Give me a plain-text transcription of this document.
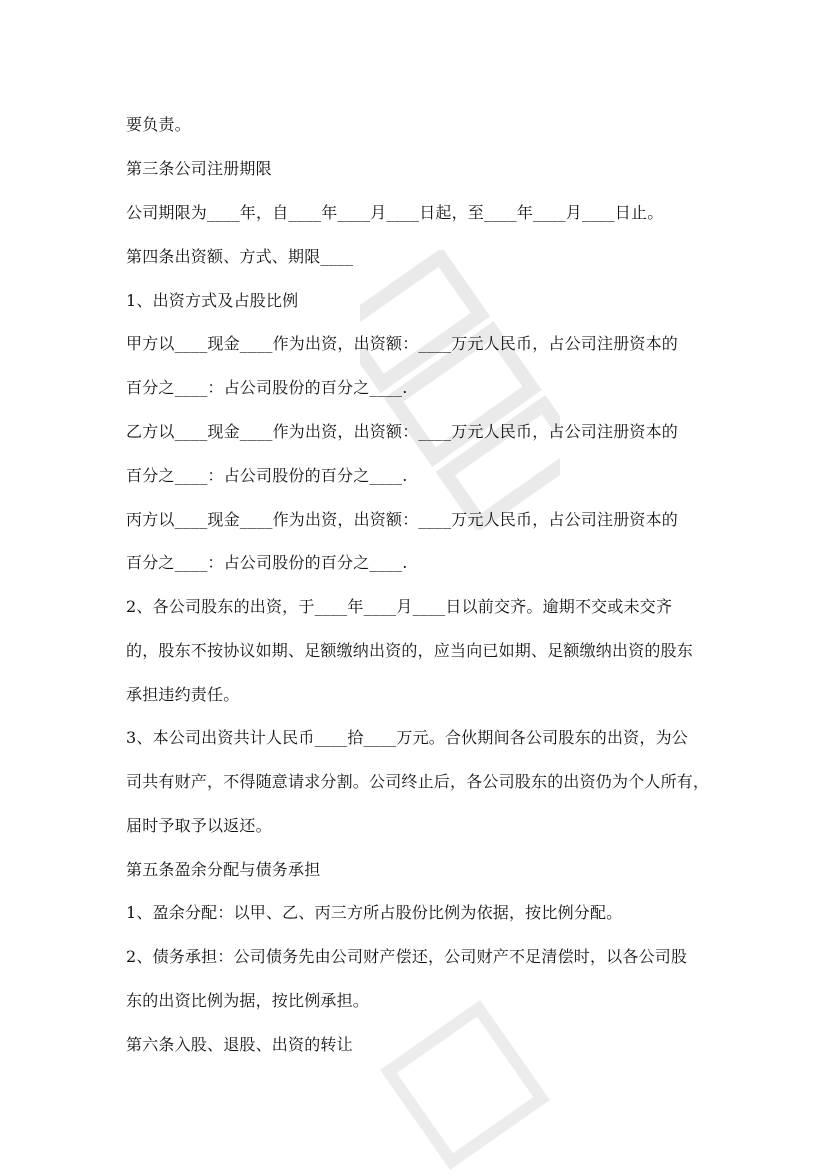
要负责。
第三条公司注册期限
公司期限为____年，自____年____月____日起，至____年____月____日止。
第四条出资额、方式、期限____
1、出资方式及占股比例
甲方以____现金____作为出资，出资额：____万元人民币，占公司注册资本的
百分之____：占公司股份的百分之____.
乙方以____现金____作为出资，出资额：____万元人民币，占公司注册资本的
百分之____：占公司股份的百分之____.
丙方以____现金____作为出资，出资额：____万元人民币，占公司注册资本的
百分之____：占公司股份的百分之____.
2、各公司股东的出资，于____年____月____日以前交齐。逾期不交或未交齐
的，股东不按协议如期、足额缴纳出资的，应当向已如期、足额缴纳出资的股东
承担违约责任。
3、本公司出资共计人民币____拾____万元。合伙期间各公司股东的出资，为公
司共有财产，不得随意请求分割。公司终止后，各公司股东的出资仍为个人所有，
届时予取予以返还。
第五条盈余分配与债务承担
1、盈余分配：以甲、乙、丙三方所占股份比例为依据，按比例分配。
2、债务承担：公司债务先由公司财产偿还，公司财产不足清偿时，以各公司股
东的出资比例为据，按比例承担。
第六条入股、退股、出资的转让
